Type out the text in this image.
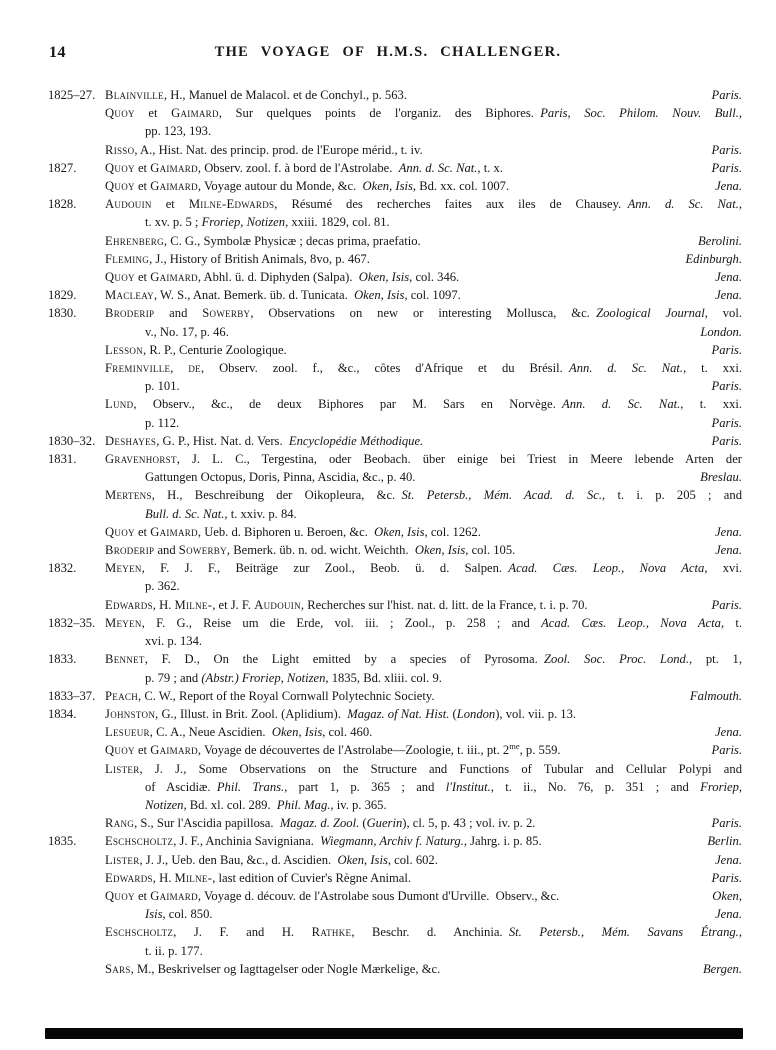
14	THE VOYAGE OF H.M.S. CHALLENGER.
1825–27. Blainville, H., Manuel de Malacol. et de Conchyl., p. 563.	Paris.
Quoy et Gaimard, Sur quelques points de l'organiz. des Biphores. Paris, Soc. Philom. Nouv. Bull.,
pp. 123, 193.
Risso, A., Hist. Nat. des princip. prod. de l'Europe mérid., t. iv.	Paris.
1827. Quoy et Gaimard, Observ. zool. f. à bord de l'Astrolabe. Ann. d. Sc. Nat., t. x.	Paris.
Quoy et Gaimard, Voyage autour du Monde, &c. Oken, Isis, Bd. xx. col. 1007.	Jena.
1828. Audouin et Milne-Edwards, Résumé des recherches faites aux iles de Chausey. Ann. d. Sc. Nat.,
t. xv. p. 5 ; Froriep, Notizen, xxiii. 1829, col. 81.
Ehrenberg, C. G., Symbolæ Physicæ ; decas prima, praefatio.	Berolini.
Fleming, J., History of British Animals, 8vo, p. 467.	Edinburgh.
Quoy et Gaimard, Abhl. ü. d. Diphyden (Salpa). Oken, Isis, col. 346.	Jena.
1829. Macleay, W. S., Anat. Bemerk. üb. d. Tunicata. Oken, Isis, col. 1097.	Jena.
1830. Broderip and Sowerby, Observations on new or interesting Mollusca, &c. Zoological Journal, vol.
v., No. 17, p. 46.	London.
Lesson, R. P., Centurie Zoologique.	Paris.
Freminville, de, Observ. zool. f., &c., côtes d'Afrique et du Brésil. Ann. d. Sc. Nat., t. xxi.
p. 101.	Paris.
Lund, Observ., &c., de deux Biphores par M. Sars en Norvège. Ann. d. Sc. Nat., t. xxi.
p. 112.	Paris.
1830–32. Deshayes, G. P., Hist. Nat. d. Vers. Encyclopédie Méthodique.	Paris.
1831. Gravenhorst, J. L. C., Tergestina, oder Beobach. über einige bei Triest in Meere lebende Arten der
Gattungen Octopus, Doris, Pinna, Ascidia, &c., p. 40.	Breslau.
Mertens, H., Beschreibung der Oikopleura, &c. St. Petersb., Mém. Acad. d. Sc., t. i. p. 205 ; and
Bull. d. Sc. Nat., t. xxiv. p. 84.
Quoy et Gaimard, Ueb. d. Biphoren u. Beroen, &c. Oken, Isis, col. 1262.	Jena.
Broderip and Sowerby, Bemerk. üb. n. od. wicht. Weichth. Oken, Isis, col. 105.	Jena.
1832. Meyen, F. J. F., Beiträge zur Zool., Beob. ü. d. Salpen. Acad. Cæs. Leop., Nova Acta, xvi.
p. 362.
Edwards, H. Milne-, et J. F. Audouin, Recherches sur l'hist. nat. d. litt. de la France, t. i. p. 70.	Paris.
1832–35. Meyen, F. G., Reise um die Erde, vol. iii. ; Zool., p. 258 ; and Acad. Cæs. Leop., Nova Acta, t.
xvi. p. 134.
1833. Bennet, F. D., On the Light emitted by a species of Pyrosoma. Zool. Soc. Proc. Lond., pt. 1,
p. 79 ; and (Abstr.) Froriep, Notizen, 1835, Bd. xliii. col. 9.
1833–37. Peach, C. W., Report of the Royal Cornwall Polytechnic Society.	Falmouth.
1834. Johnston, G., Illust. in Brit. Zool. (Aplidium). Magaz. of Nat. Hist. (London), vol. vii. p. 13.
Lesueur, C. A., Neue Ascidien. Oken, Isis, col. 460.	Jena.
Quoy et Gaimard, Voyage de découvertes de l'Astrolabe—Zoologie, t. iii., pt. $2^{me}$, p. 559.	Paris.
Lister, J. J., Some Observations on the Structure and Functions of Tubular and Cellular Polypi and
of Ascidiæ. Phil. Trans., part 1, p. 365 ; and l'Institut., t. ii., No. 76, p. 351 ; and Froriep,
Notizen, Bd. xl. col. 289. Phil. Mag., iv. p. 365.
Rang, S., Sur l'Ascidia papillosa. Magaz. d. Zool. (Guerin), cl. 5, p. 43 ; vol. iv. p. 2.	Paris.
1835. Eschscholtz, J. F., Anchinia Savigniana. Wiegmann, Archiv f. Naturg., Jahrg. i. p. 85.	Berlin.
Lister, J. J., Ueb. den Bau, &c., d. Ascidien. Oken, Isis, col. 602.	Jena.
Edwards, H. Milne-, last edition of Cuvier's Règne Animal.	Paris.
Quoy et Gaimard, Voyage d. découv. de l'Astrolabe sous Dumont d'Urville. Observ., &c.	Oken,
Isis, col. 850.	Jena.
Eschscholtz, J. F. and H. Rathke, Beschr. d. Anchinia. St. Petersb., Mém. Savans Étrang.,
t. ii. p. 177.
Sars, M., Beskrivelser og Iagttagelser oder Nogle Mærkelige, &c.	Bergen.
